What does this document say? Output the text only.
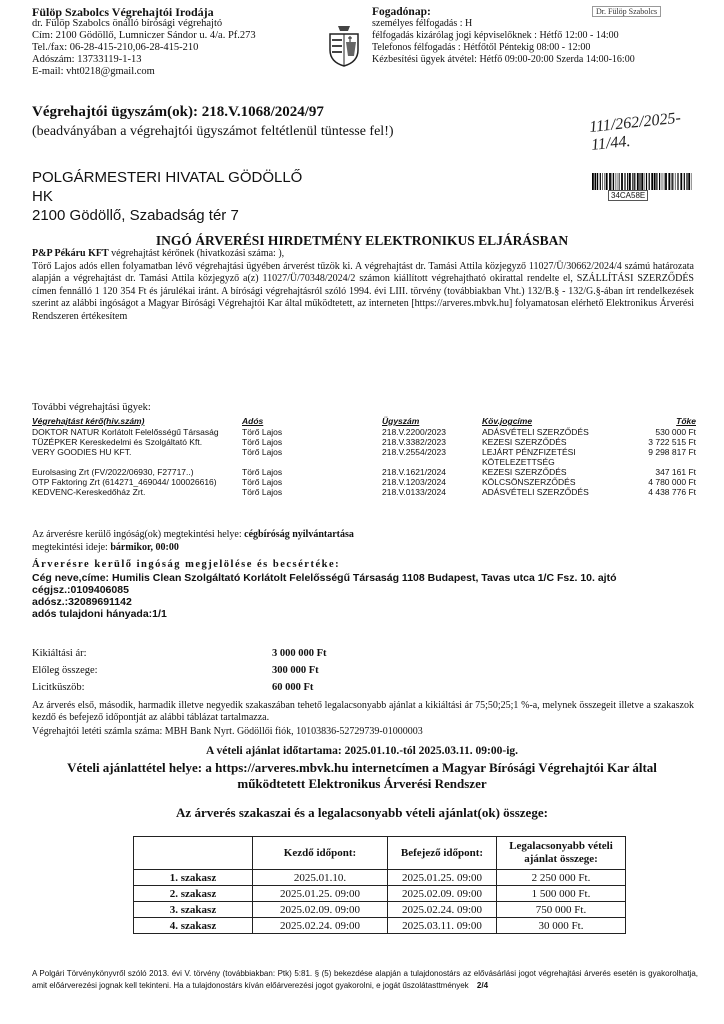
Fülöp Szabolcs Végrehajtói Irodája
dr. Fülöp Szabolcs önálló bírósági végrehajtó
Cím: 2100 Gödöllő, Lumniczer Sándor u. 4/a. Pf.273
Tel./fax: 06-28-415-210,06-28-415-210
Adószám: 13733119-1-13
E-mail: vht0218@gmail.com
Fogadónap:
személyes félfogadás : H
félfogadás kizárólag jogi képviselőknek : Hétfő 12:00 - 14:00
Telefonos félfogadás : Hétfőtől Péntekig 08:00 - 12:00
Kézbesítési ügyek átvétel: Hétfő 09:00-20:00 Szerda 14:00-16:00
Dr. Fülöp Szabolcs
Végrehajtói ügyszám(ok): 218.V.1068/2024/97
(beadványában a végrehajtói ügyszámot feltétlenül tüntesse fel!)	111/262/2025- 11/44.
POLGÁRMESTERI HIVATAL GÖDÖLLŐ
HK
2100 Gödöllő, Szabadság tér 7
34CA58E
INGÓ ÁRVERÉSI HIRDETMÉNY ELEKTRONIKUS ELJÁRÁSBAN
P&P Pékáru KFT végrehajtást kérőnek (hivatkozási száma: ),
Törő Lajos adós ellen folyamatban lévő végrehajtási ügyében árverést tűzök ki. A végrehajtást dr. Tamási Attila közjegyző 11027/Ü/30662/2024/4 számú határozata alapján a végrehajtást dr. Tamási Attila közjegyző a(z) 11027/Ü/70348/2024/2 számon kiállított végrehajtható okirattal rendelte el, SZÁLLÍTÁSI SZERZŐDÉS címen fennálló 1 120 354 Ft és járulékai iránt. A bírósági végrehajtásról szóló 1994. évi LIII. törvény (továbbiakban Vht.) 132/B.§ - 132/G.§-ában írt rendelkezések szerint az alábbi ingóságot a Magyar Bírósági Végrehajtói Kar által működtetett, az interneten [https://arveres.mbvk.hu] folyamatosan elérhető Elektronikus Árverési Rendszeren értékesítem
További végrehajtási ügyek:
Végrehajtást kérő(hiv.szám)	Adós	Ügyszám	Köv.jogcíme	Tőke
DOKTOR NATUR Korlátolt Felelősségű Társaság	Törő Lajos	218.V.2200/2023	ADÁSVÉTELI SZERZŐDÉS	530 000 Ft
TÜZÉPKER Kereskedelmi és Szolgáltató Kft.	Törő Lajos	218.V.3382/2023	KEZESI SZERZŐDÉS	3 722 515 Ft
VERY GOODIES HU KFT.	Törő Lajos	218.V.2554/2023	LEJÁRT PÉNZFIZETÉSI KÖTELEZETTSÉG	9 298 817 Ft
Eurolsasing Zrt (FV/2022/06930, F27717..)	Törő Lajos	218.V.1621/2024	KEZESI SZERZŐDÉS	347 161 Ft
OTP Faktoring Zrt (614271_469044/ 100026616)	Törő Lajos	218.V.1203/2024	KÖLCSÖNSZERZŐDÉS	4 780 000 Ft
KEDVENC-Kereskedőház Zrt.	Törő Lajos	218.V.0133/2024	ADÁSVÉTELI SZERZŐDÉS	4 438 776 Ft
Az árverésre kerülő ingóság(ok) megtekintési helye: cégbíróság nyilvántartása
megtekintési ideje: bármikor, 00:00
Árverésre kerülő ingóság megjelölése és becsértéke:
Cég neve,címe: Humilis Clean Szolgáltató Korlátolt Felelősségű Társaság 1108 Budapest, Tavas utca 1/C Fsz. 10. ajtó
cégjsz.:0109406085
adósz.:32089691142
adós tulajdoni hányada:1/1
Kikiáltási ár:	3 000 000 Ft
Előleg összege:	300 000 Ft
Licitküszöb:	60 000 Ft
Az árverés első, második, harmadik illetve negyedik szakaszában tehető legalacsonyabb ajánlat a kikiáltási ár 75;50;25;1 %-a, melynek összegeit illetve a szakaszok kezdő és befejező időpontját az alábbi táblázat tartalmazza.
Végrehajtói letéti számla száma: MBH Bank Nyrt. Gödöllői fiók, 10103836-52729739-01000003
A vételi ajánlat időtartama: 2025.01.10.-tól 2025.03.11. 09:00-ig.
Vételi ajánlattétel helye: a https://arveres.mbvk.hu internetcímen a Magyar Bírósági Végrehajtói Kar által működtetett Elektronikus Árverési Rendszer
Az árverés szakaszai és a legalacsonyabb vételi ajánlat(ok) összege:
	Kezdő időpont:	Befejező időpont:	Legalacsonyabb vételi ajánlat összege:
1. szakasz	2025.01.10.	2025.01.25. 09:00	2 250 000 Ft.
2. szakasz	2025.01.25. 09:00	2025.02.09. 09:00	1 500 000 Ft.
3. szakasz	2025.02.09. 09:00	2025.02.24. 09:00	750 000 Ft.
4. szakasz	2025.02.24. 09:00	2025.03.11. 09:00	30 000 Ft.
A Polgári Törvénykönyvről szóló 2013. évi V. törvény (továbbiakban: Ptk) 5:81. § (5) bekezdése alapján a tulajdonostárs az elővásárlási jogot végrehajtási árverés esetén is gyakorolhatja, amit előárverezési jognak kell tekinteni. Ha a tulajdonostárs kíván előárverezési jogot gyakorolni, e jogát űszolátasttmények 2/4
